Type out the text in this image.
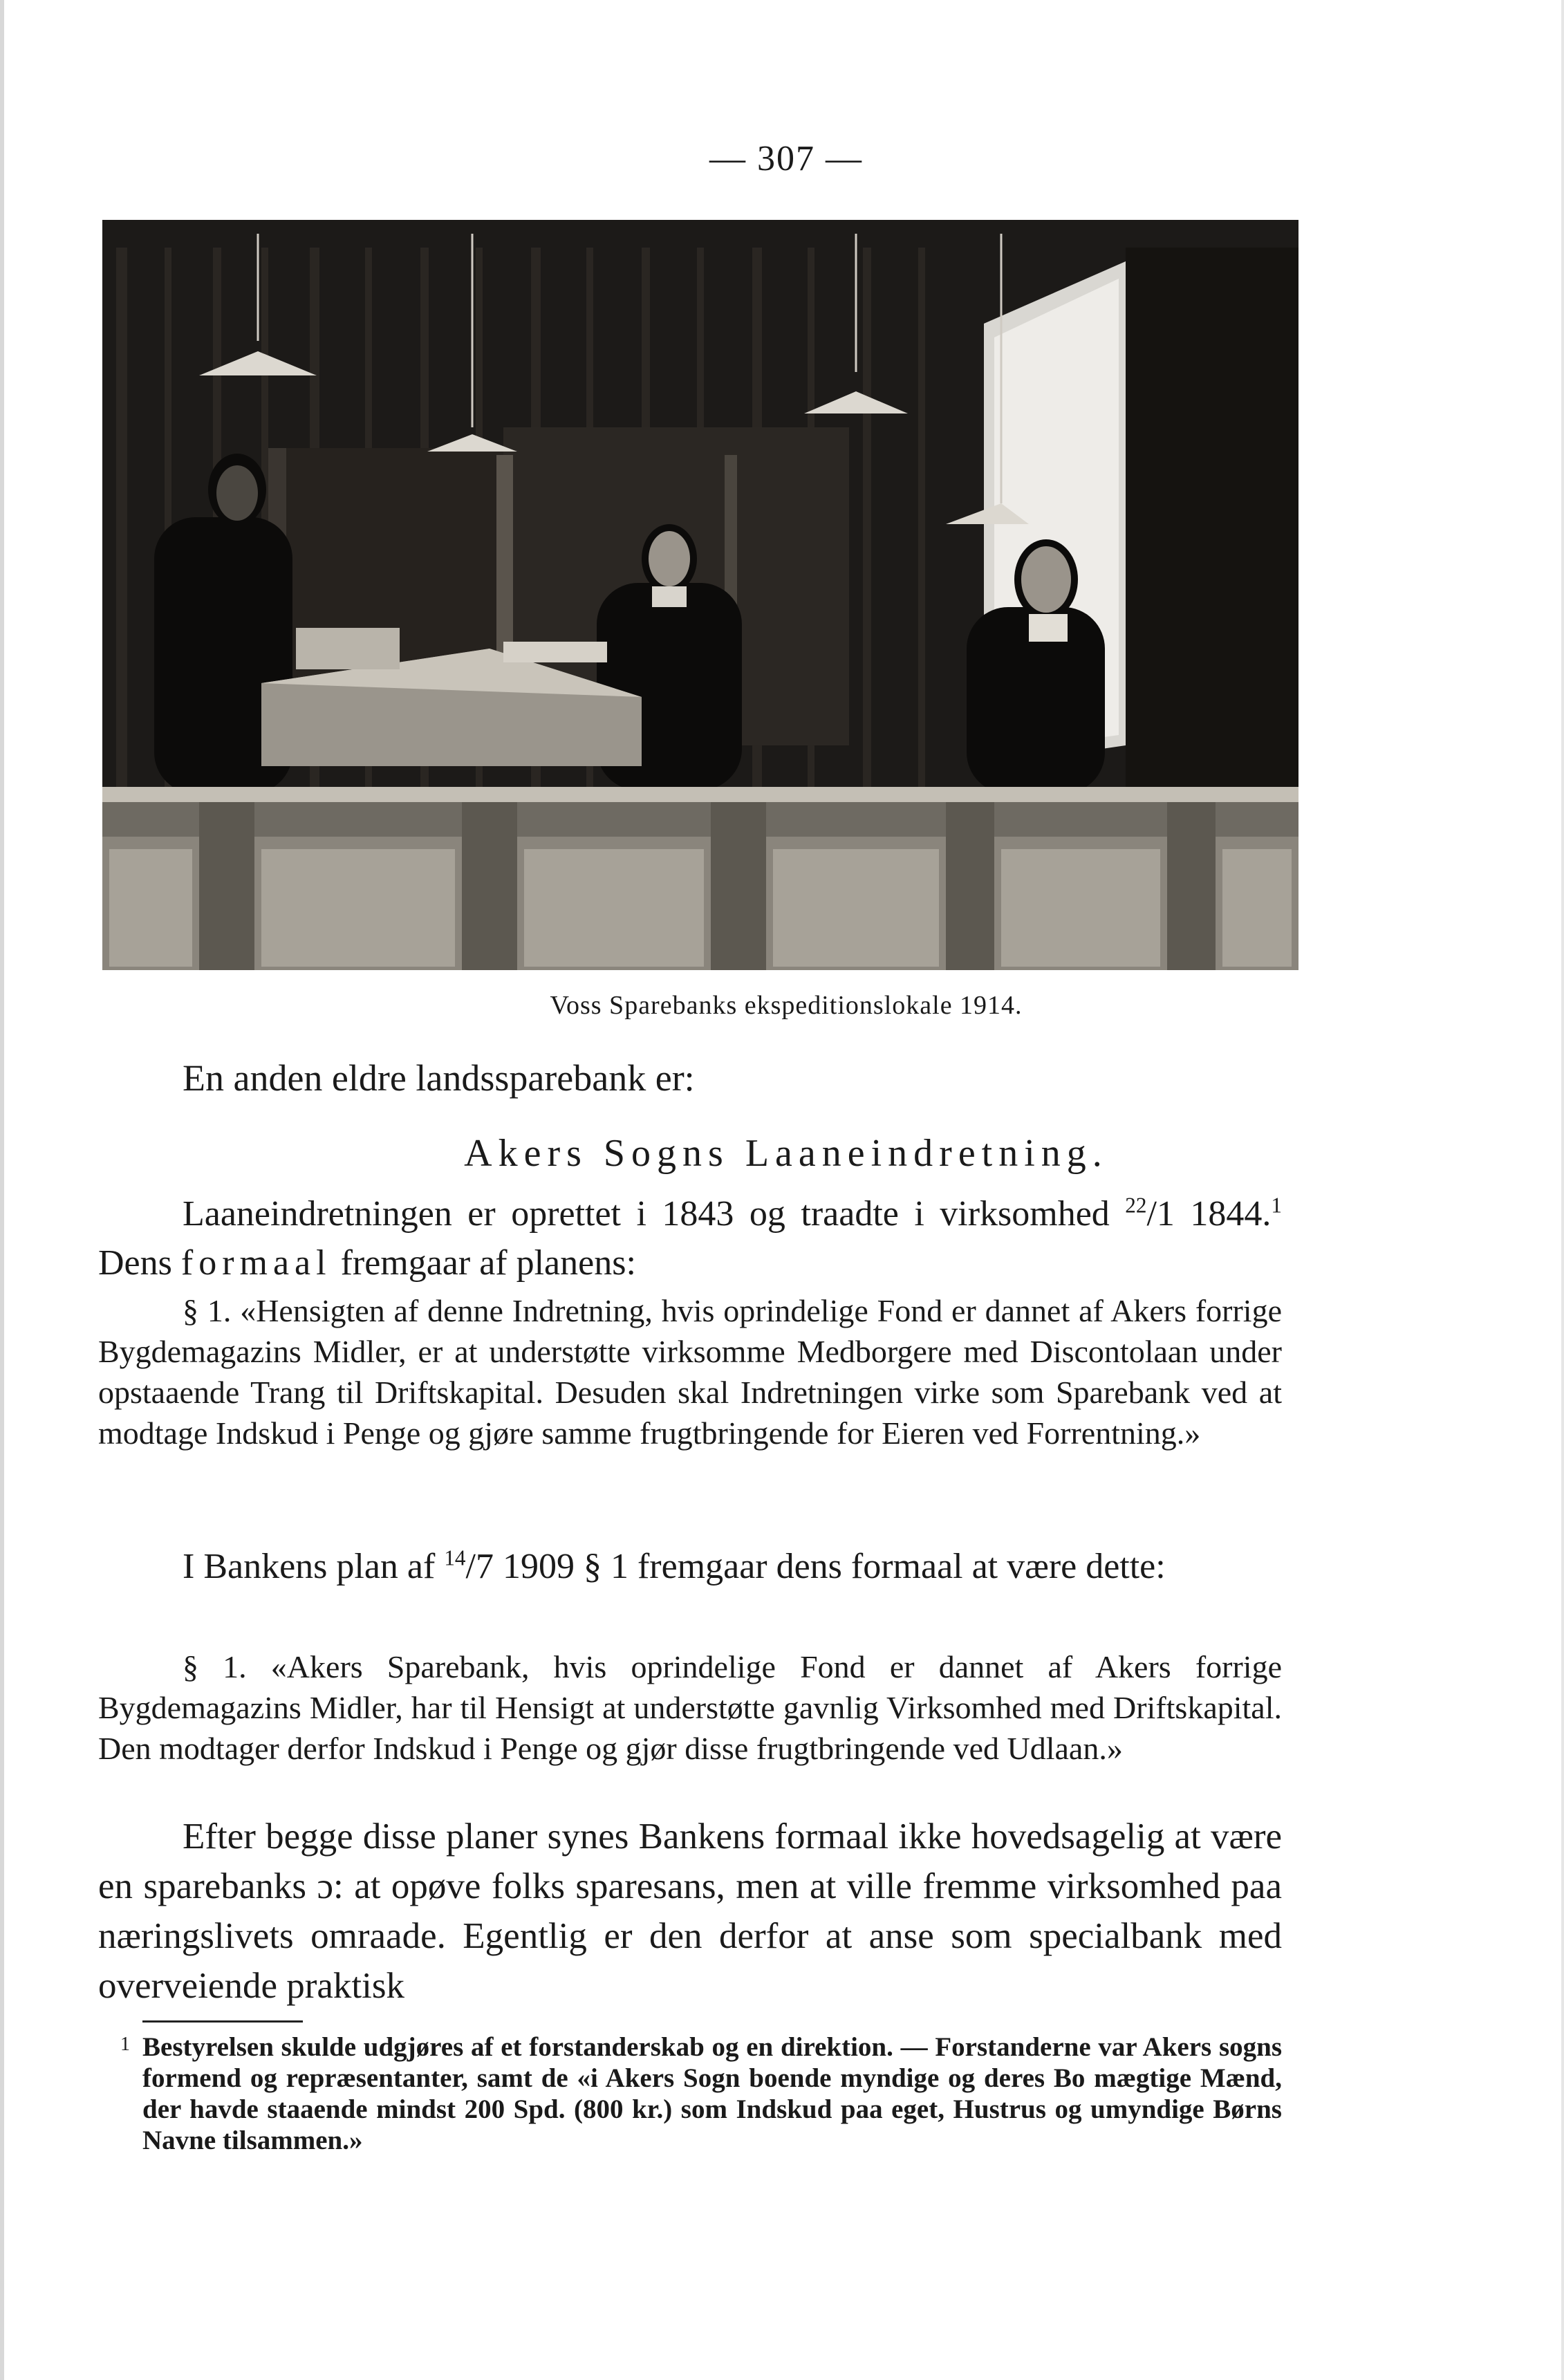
— 307 —
Voss Sparebanks ekspeditionslokale 1914.
En anden eldre landssparebank er:
Akers Sogns Laaneindretning.
Laaneindretningen er oprettet i 1843 og traadte i virksomhed $^{22}$/1 1844.$^1$ Dens formaal fremgaar af planens:
§ 1. «Hensigten af denne Indretning, hvis oprindelige Fond er dannet af Akers forrige Bygdemagazins Midler, er at understøtte virksomme Medborgere med Discontolaan under opstaaende Trang til Driftskapital. Desuden skal Indretningen virke som Sparebank ved at modtage Indskud i Penge og gjøre samme frugtbringende for Eieren ved Forrentning.»
I Bankens plan af $^{14}$/7 1909 § 1 fremgaar dens formaal at være dette:
§ 1. «Akers Sparebank, hvis oprindelige Fond er dannet af Akers forrige Bygdemagazins Midler, har til Hensigt at understøtte gavnlig Virksomhed med Driftskapital. Den modtager derfor Indskud i Penge og gjør disse frugtbringende ved Udlaan.»
Efter begge disse planer synes Bankens formaal ikke hovedsagelig at være en sparebanks ɔ: at opøve folks sparesans, men at ville fremme virksomhed paa næringslivets omraade. Egentlig er den derfor at anse som specialbank med overveiende praktisk
1 Bestyrelsen skulde udgjøres af et forstanderskab og en direktion. — Forstanderne var Akers sogns formend og repræsentanter, samt de «i Akers Sogn boende myndige og deres Bo mægtige Mænd, der havde staaende mindst 200 Spd. (800 kr.) som Indskud paa eget, Hustrus og umyndige Børns Navne tilsammen.»
